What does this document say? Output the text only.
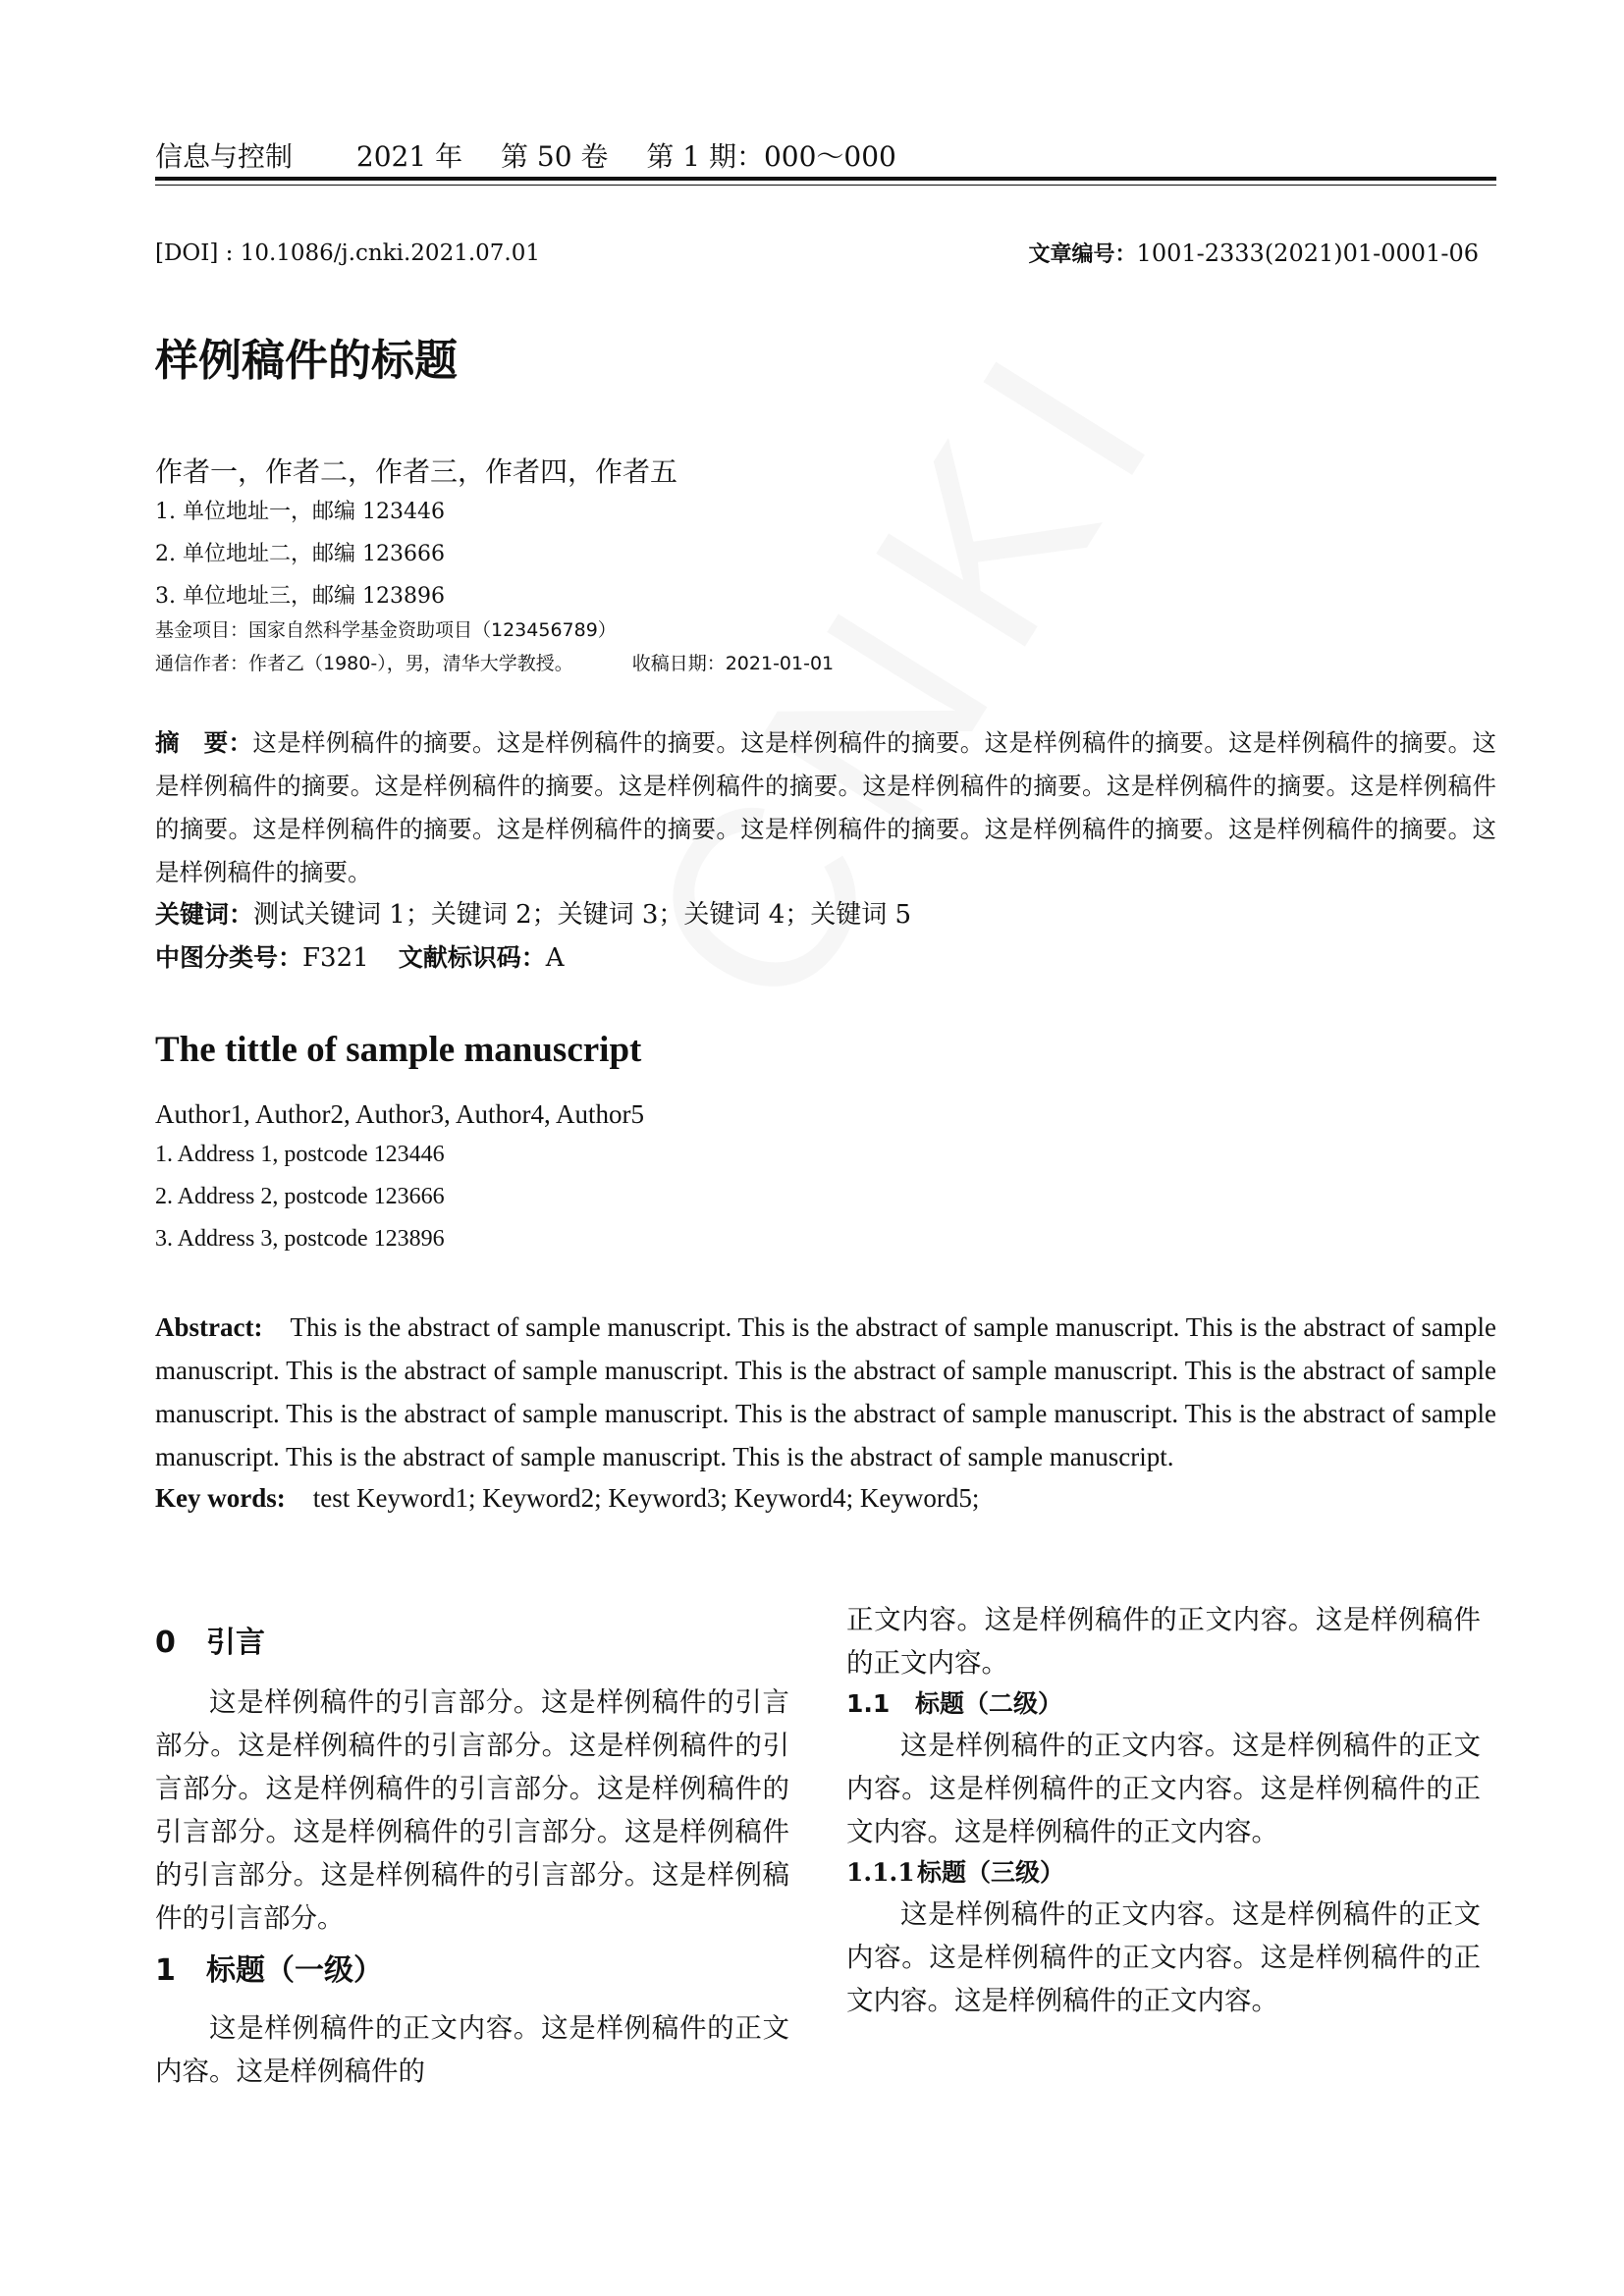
信息与控制 2021 年 第 50 卷 第 1 期：000～000
[DOI] : 10.1086/j.cnki.2021.07.01	文章编号：1001-2333(2021)01-0001-06
样例稿件的标题
作者一，作者二，作者三，作者四，作者五
1. 单位地址一，邮编 123446
2. 单位地址二，邮编 123666
3. 单位地址三，邮编 123896
基金项目：国家自然科学基金资助项目（123456789）
通信作者：作者乙（1980-），男，清华大学教授。	收稿日期：2021-01-01
摘　要：这是样例稿件的摘要。这是样例稿件的摘要。这是样例稿件的摘要。这是样例稿件的摘要。这是样例稿件的摘要。这是样例稿件的摘要。这是样例稿件的摘要。这是样例稿件的摘要。这是样例稿件的摘要。这是样例稿件的摘要。这是样例稿件的摘要。这是样例稿件的摘要。这是样例稿件的摘要。这是样例稿件的摘要。这是样例稿件的摘要。这是样例稿件的摘要。这是样例稿件的摘要。
关键词：测试关键词 1；关键词 2；关键词 3；关键词 4；关键词 5
中图分类号：F321 文献标识码：A
The tittle of sample manuscript
Author1, Author2, Author3, Author4, Author5
1. Address 1, postcode 123446
2. Address 2, postcode 123666
3. Address 3, postcode 123896
Abstract: This is the abstract of sample manuscript. This is the abstract of sample manuscript. This is the abstract of sample manuscript. This is the abstract of sample manuscript. This is the abstract of sample manuscript. This is the abstract of sample manuscript. This is the abstract of sample manuscript. This is the abstract of sample manuscript. This is the abstract of sample manuscript. This is the abstract of sample manuscript. This is the abstract of sample manuscript.
Key words: test Keyword1; Keyword2; Keyword3; Keyword4; Keyword5;
0 引言

这是样例稿件的引言部分。这是样例稿件的引言部分。这是样例稿件的引言部分。这是样例稿件的引言部分。这是样例稿件的引言部分。这是样例稿件的引言部分。这是样例稿件的引言部分。这是样例稿件的引言部分。这是样例稿件的引言部分。这是样例稿件的引言部分。

1 标题（一级）

这是样例稿件的正文内容。这是样例稿件的正文内容。这是样例稿件的

正文内容。这是样例稿件的正文内容。这是样例稿件的正文内容。

1.1 标题（二级）

这是样例稿件的正文内容。这是样例稿件的正文内容。这是样例稿件的正文内容。这是样例稿件的正文内容。这是样例稿件的正文内容。

1.1.1标题（三级）

这是样例稿件的正文内容。这是样例稿件的正文内容。这是样例稿件的正文内容。这是样例稿件的正文内容。这是样例稿件的正文内容。
